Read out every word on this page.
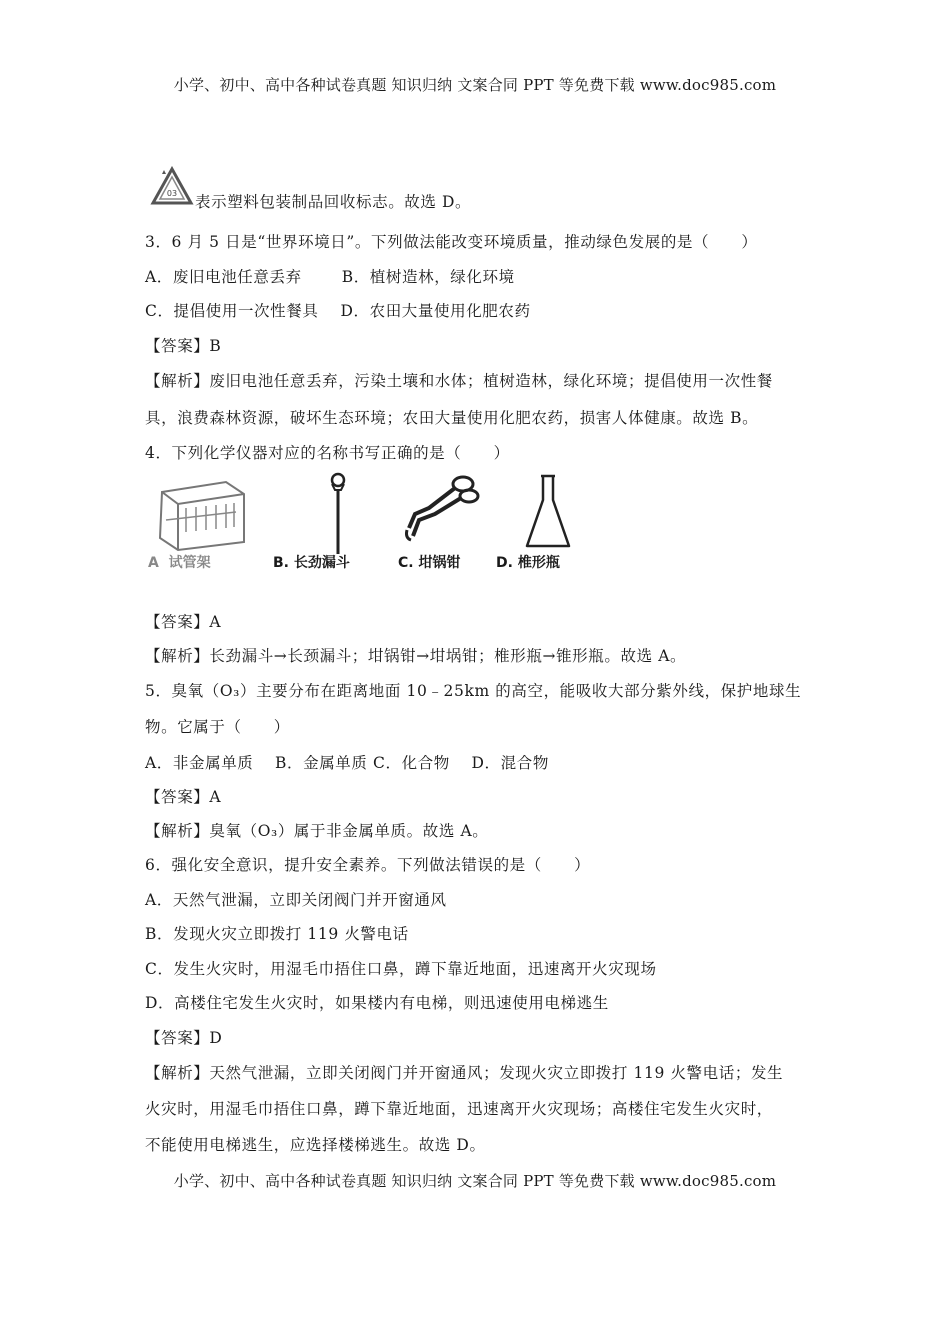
小学、初中、高中各种试卷真题 知识归纳 文案合同 PPT 等免费下载 www.doc985.com
03 表示塑料包装制品回收标志。故选 D。
3．6 月 5 日是“世界环境日”。下列做法能改变环境质量，推动绿色发展的是（　　）
A．废旧电池任意丢弃	B．植树造林，绿化环境
C．提倡使用一次性餐具 D．农田大量使用化肥农药
【答案】B
【解析】废旧电池任意丢弃，污染土壤和水体；植树造林，绿化环境；提倡使用一次性餐
具，浪费森林资源，破坏生态环境；农田大量使用化肥农药，损害人体健康。故选 B。
4．下列化学仪器对应的名称书写正确的是（　　）
【答案】A
【解析】长劲漏斗→长颈漏斗；坩锅钳→坩埚钳；椎形瓶→锥形瓶。故选 A。
5．臭氧（O₃）主要分布在距离地面 10﹣25km 的高空，能吸收大部分紫外线，保护地球生
物。它属于（　　）
A．非金属单质　 B．金属单质 C．化合物　 D．混合物
【答案】A
【解析】臭氧（O₃）属于非金属单质。故选 A。
6．强化安全意识，提升安全素养。下列做法错误的是（　　）
A．天然气泄漏，立即关闭阀门并开窗通风
B．发现火灾立即拨打 119 火警电话
C．发生火灾时，用湿毛巾捂住口鼻，蹲下靠近地面，迅速离开火灾现场
D．高楼住宅发生火灾时，如果楼内有电梯，则迅速使用电梯逃生
【答案】D
【解析】天然气泄漏，立即关闭阀门并开窗通风；发现火灾立即拨打 119 火警电话；发生
火灾时，用湿毛巾捂住口鼻，蹲下靠近地面，迅速离开火灾现场；高楼住宅发生火灾时，
不能使用电梯逃生，应选择楼梯逃生。故选 D。
A 试管架	B. 长劲漏斗	C. 坩锅钳	D. 椎形瓶
小学、初中、高中各种试卷真题 知识归纳 文案合同 PPT 等免费下载 www.doc985.com
